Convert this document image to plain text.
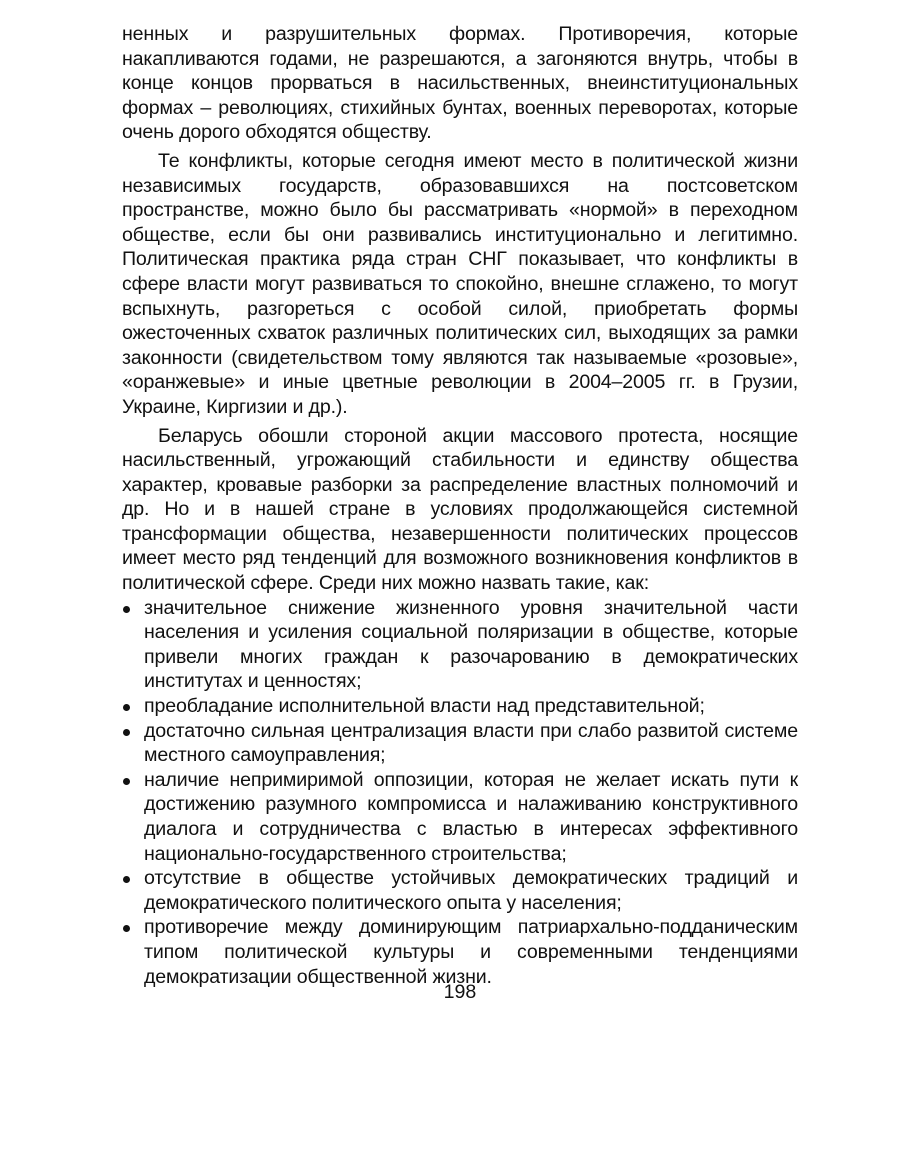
ненных и разрушительных формах. Противоречия, которые накапливаются годами, не разрешаются, а загоняются внутрь, чтобы в конце концов прорваться в насильственных, внеинституциональных формах – революциях, стихийных бунтах, военных переворотах, которые очень дорого обходятся обществу.

Те конфликты, которые сегодня имеют место в политической жизни независимых государств, образовавшихся на постсоветском пространстве, можно было бы рассматривать «нормой» в переходном обществе, если бы они развивались институционально и легитимно. Политическая практика ряда стран СНГ показывает, что конфликты в сфере власти могут развиваться то спокойно, внешне сглажено, то могут вспыхнуть, разгореться с особой силой, приобретать формы ожесточенных схваток различных политических сил, выходящих за рамки законности (свидетельством тому являются так называемые «розовые», «оранжевые» и иные цветные революции в 2004–2005 гг. в Грузии, Украине, Киргизии и др.).

Беларусь обошли стороной акции массового протеста, носящие насильственный, угрожающий стабильности и единству общества характер, кровавые разборки за распределение властных полномочий и др. Но и в нашей стране в условиях продолжающейся системной трансформации общества, незавершенности политических процессов имеет место ряд тенденций для возможного возникновения конфликтов в политической сфере. Среди них можно назвать такие, как:

значительное снижение жизненного уровня значительной части населения и усиления социальной поляризации в обществе, которые привели многих граждан к разочарованию в демократических институтах и ценностях;
преобладание исполнительной власти над представительной;
достаточно сильная централизация власти при слабо развитой системе местного самоуправления;
наличие непримиримой оппозиции, которая не желает искать пути к достижению разумного компромисса и налаживанию конструктивного диалога и сотрудничества с властью в интересах эффективного национально-государственного строительства;
отсутствие в обществе устойчивых демократических традиций и демократического политического опыта у населения;
противоречие между доминирующим патриархально-подданическим типом политической культуры и современными тенденциями демократизации общественной жизни.
198
